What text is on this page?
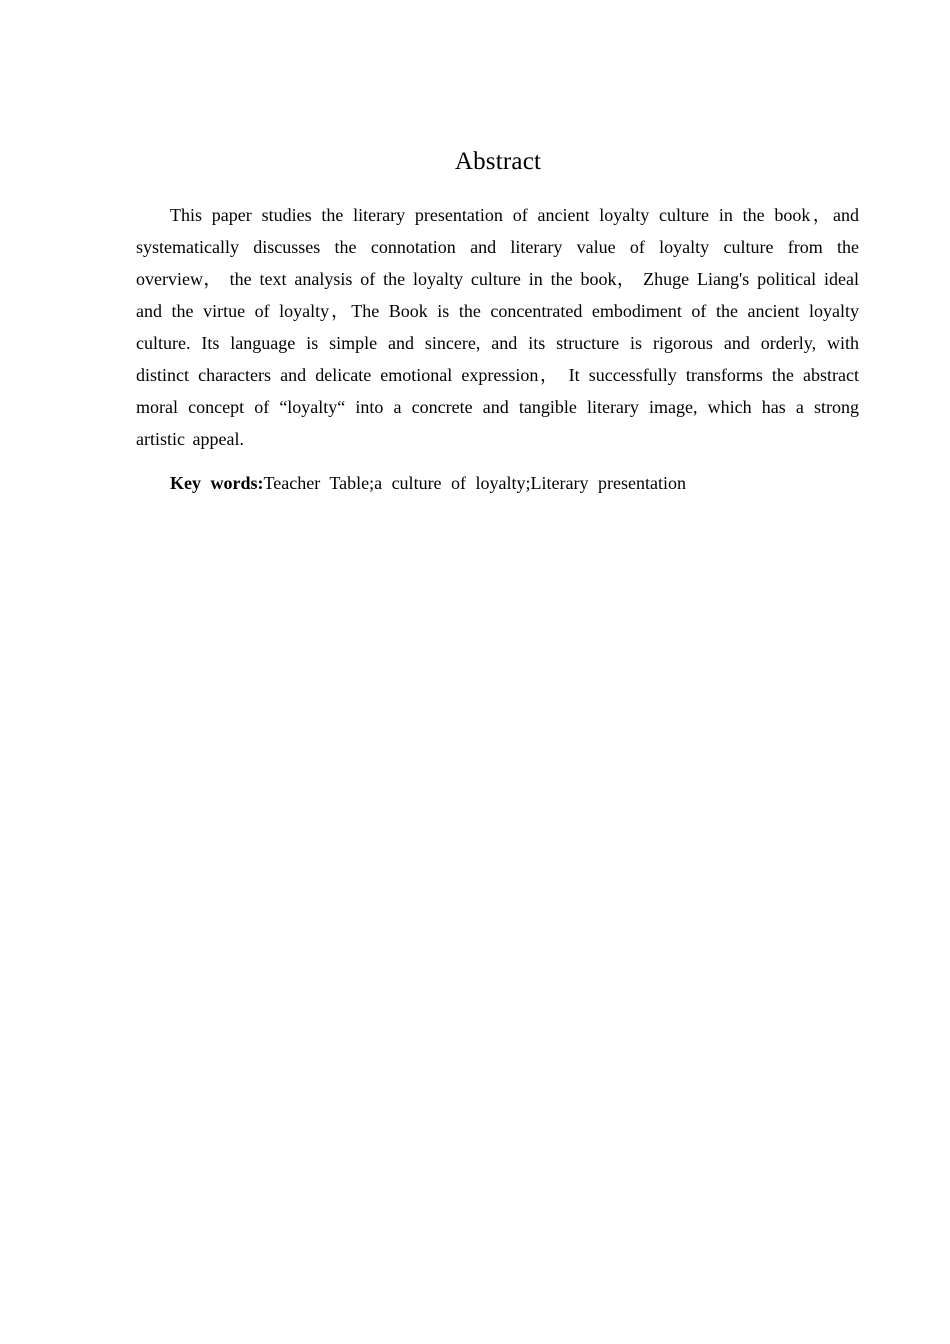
Abstract

This paper studies the literary presentation of ancient loyalty culture in the book，and systematically discusses the connotation and literary value of loyalty culture from the overview， the text analysis of the loyalty culture in the book， Zhuge Liang's political ideal and the virtue of loyalty，The Book is the concentrated embodiment of the ancient loyalty culture. Its language is simple and sincere, and its structure is rigorous and orderly, with distinct characters and delicate emotional expression， It successfully transforms the abstract moral concept of “loyalty“ into a concrete and tangible literary image, which has a strong artistic appeal.

Key words:Teacher Table;a culture of loyalty;Literary presentation
